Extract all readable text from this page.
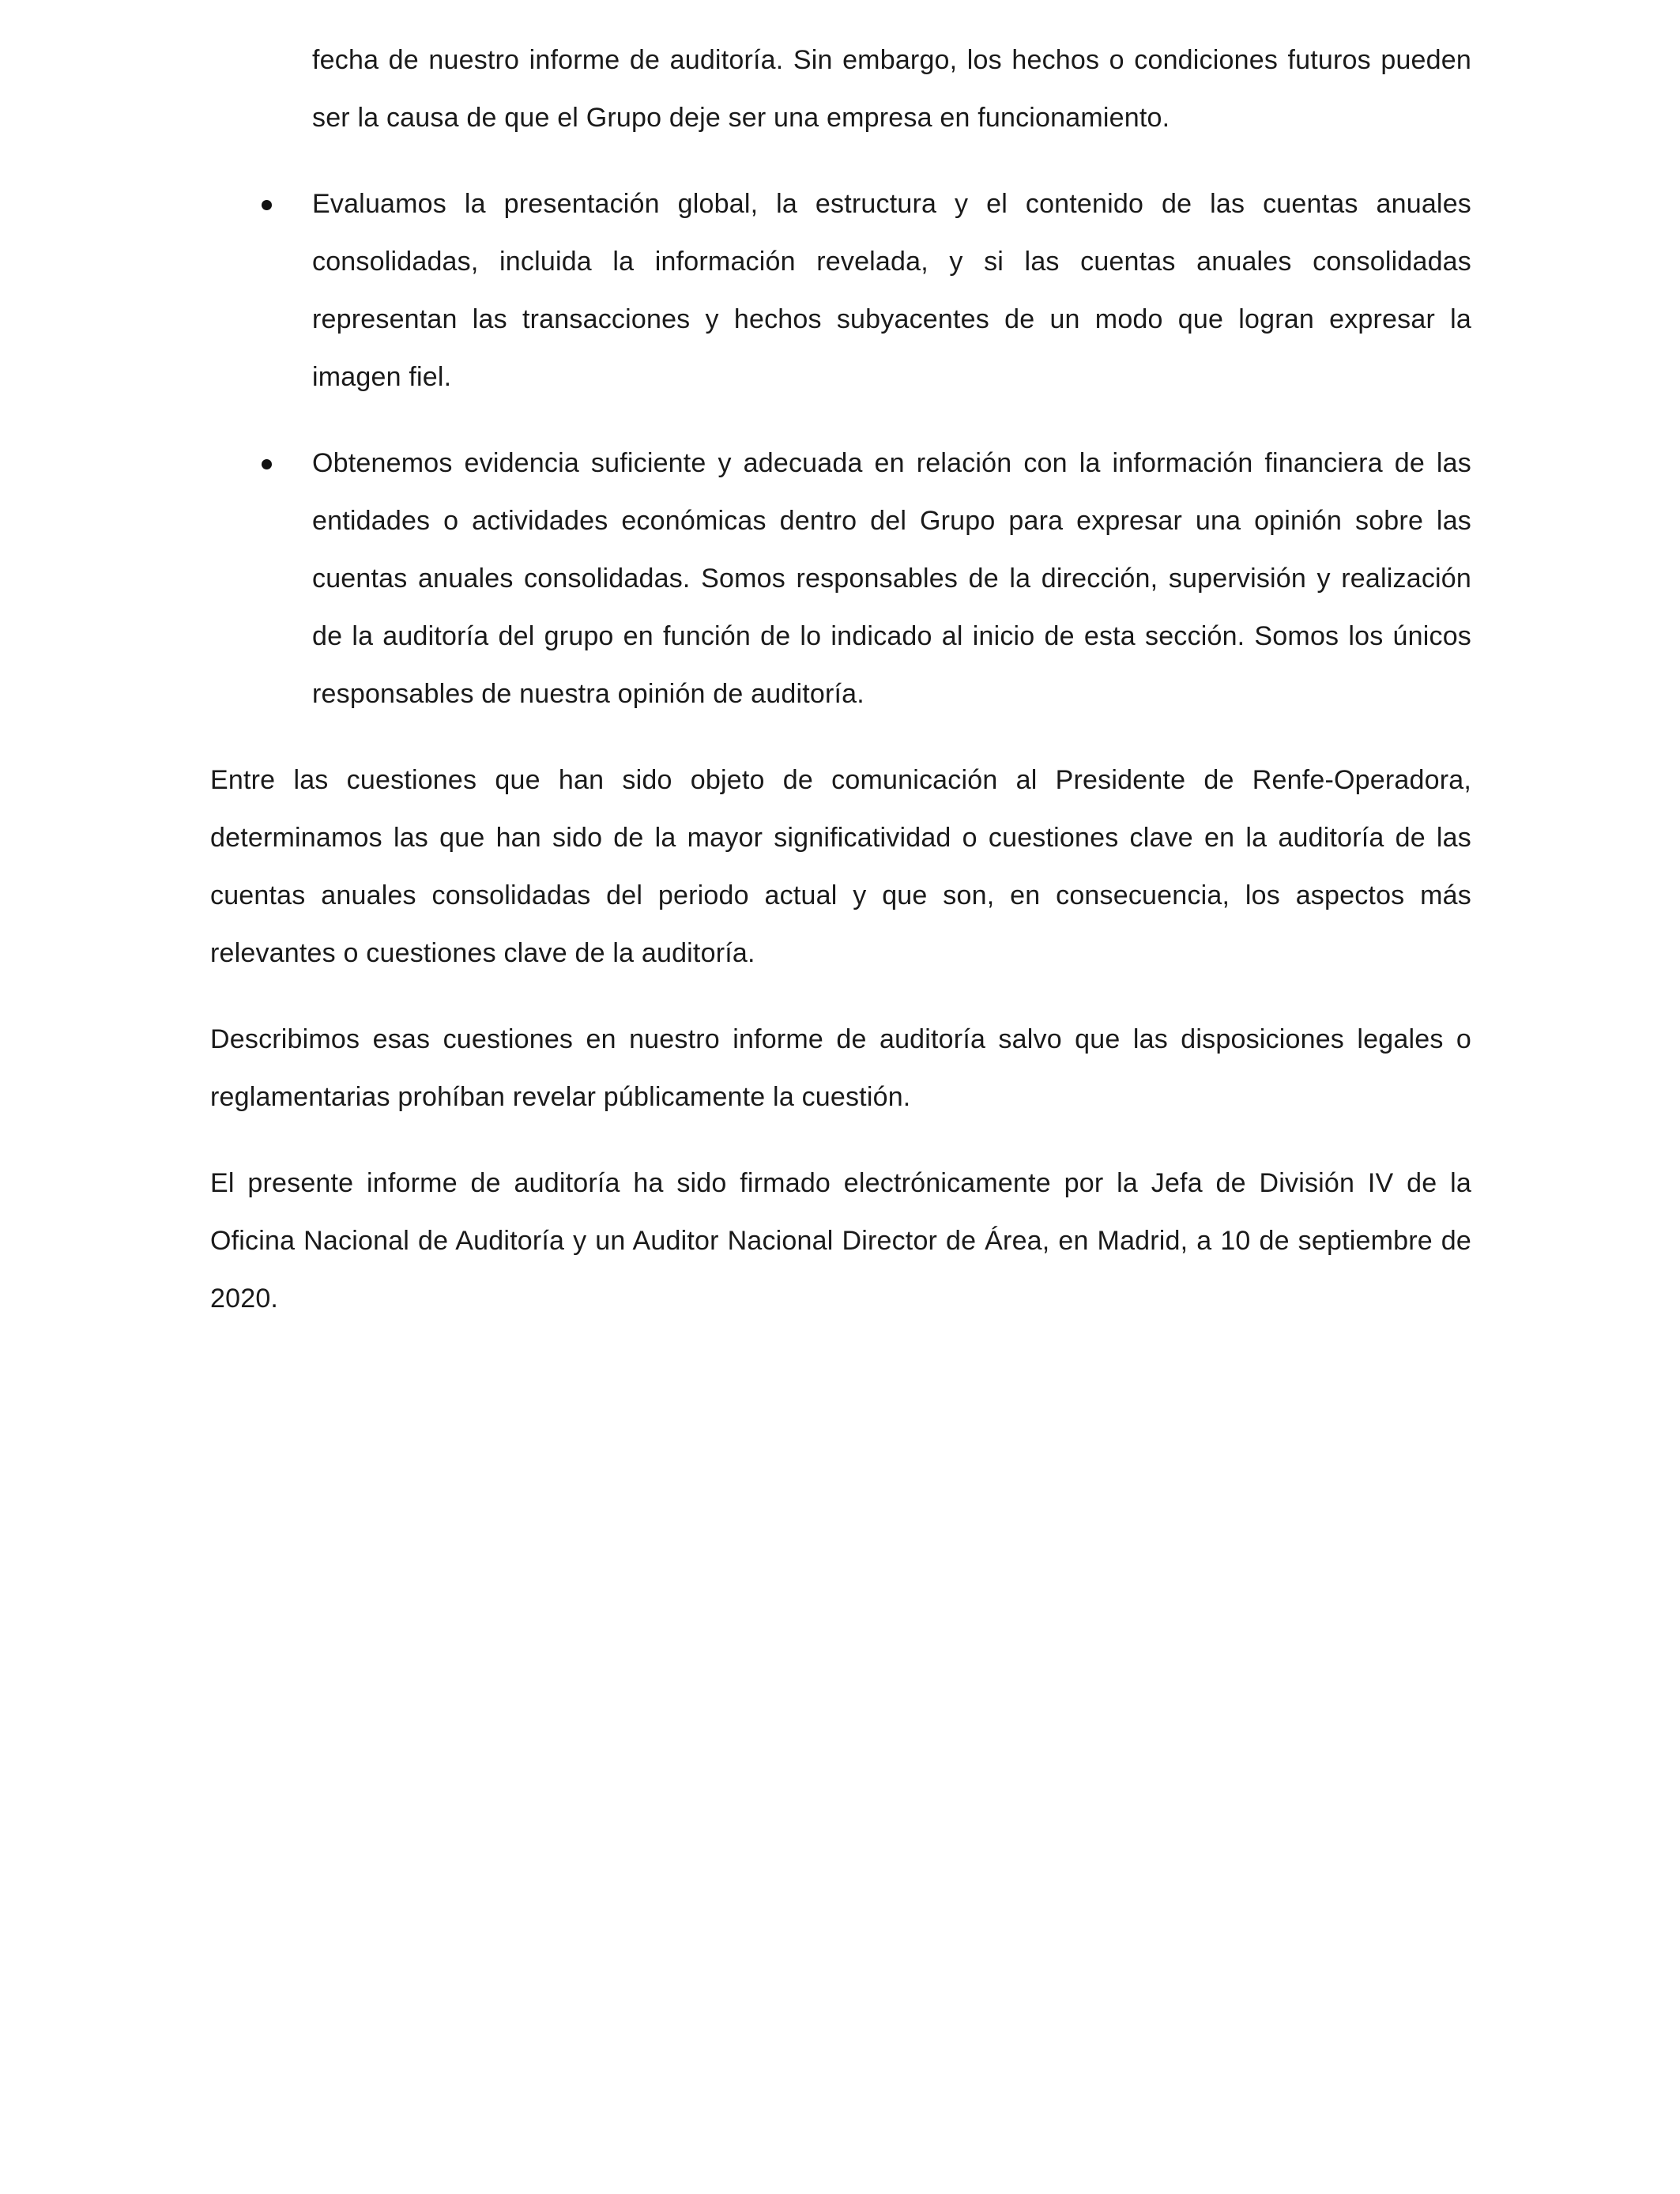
fecha de nuestro informe de auditoría. Sin embargo, los hechos o condiciones futuros pueden ser la causa de que el Grupo deje ser una empresa en funcionamiento.

Evaluamos la presentación global, la estructura y el contenido de las cuentas anuales consolidadas, incluida la información revelada, y si las cuentas anuales consolidadas representan las transacciones y hechos subyacentes de un modo que logran expresar la imagen fiel.
Obtenemos evidencia suficiente y adecuada en relación con la información financiera de las entidades o actividades económicas dentro del Grupo para expresar una opinión sobre las cuentas anuales consolidadas. Somos responsables de la dirección, supervisión y realización de la auditoría del grupo en función de lo indicado al inicio de esta sección. Somos los únicos responsables de nuestra opinión de auditoría.

Entre las cuestiones que han sido objeto de comunicación al Presidente de Renfe-Operadora, determinamos las que han sido de la mayor significatividad o cuestiones clave en la auditoría de las cuentas anuales consolidadas del periodo actual y que son, en consecuencia, los aspectos más relevantes o cuestiones clave de la auditoría.

Describimos esas cuestiones en nuestro informe de auditoría salvo que las disposiciones legales o reglamentarias prohíban revelar públicamente la cuestión.

El presente informe de auditoría ha sido firmado electrónicamente por la Jefa de División IV de la Oficina Nacional de Auditoría y un Auditor Nacional Director de Área, en Madrid, a 10 de septiembre de 2020.
